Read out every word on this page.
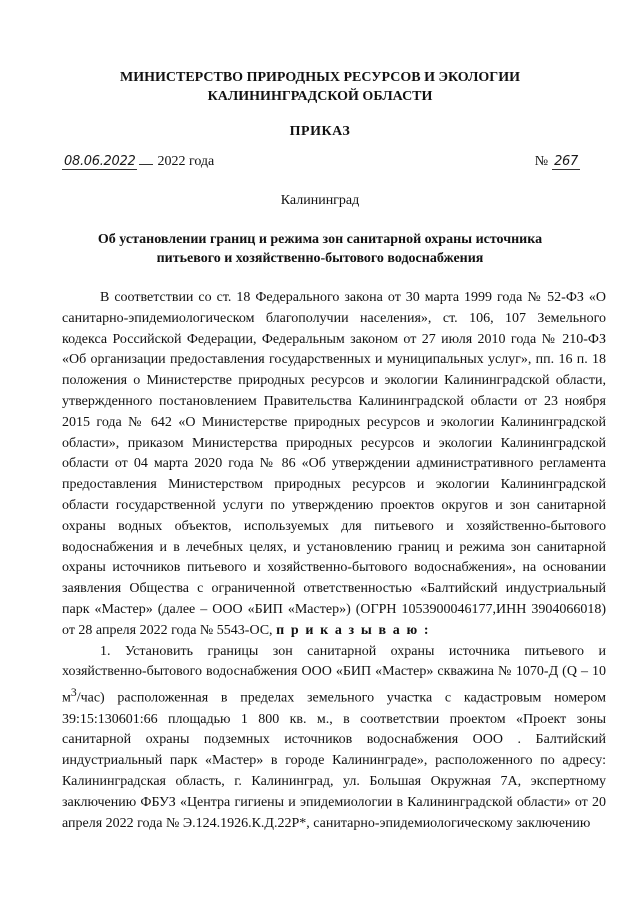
МИНИСТЕРСТВО ПРИРОДНЫХ РЕСУРСОВ И ЭКОЛОГИИ
КАЛИНИНГРАДСКОЙ ОБЛАСТИ
ПРИКАЗ
08.06.2022 2022 года	№ 267
Калининград
Об установлении границ и режима зон санитарной охраны источника
питьевого и хозяйственно-бытового водоснабжения

В соответствии со ст. 18 Федерального закона от 30 марта 1999 года № 52-ФЗ «О санитарно-эпидемиологическом благополучии населения», ст. 106, 107 Земельного кодекса Российской Федерации, Федеральным законом от 27 июля 2010 года № 210-ФЗ «Об организации предоставления государственных и муниципальных услуг», пп. 16 п. 18 положения о Министерстве природных ресурсов и экологии Калининградской области, утвержденного постановлением Правительства Калининградской области от 23 ноября 2015 года № 642 «О Министерстве природных ресурсов и экологии Калининградской области», приказом Министерства природных ресурсов и экологии Калининградской области от 04 марта 2020 года № 86 «Об утверждении административного регламента предоставления Министерством природных ресурсов и экологии Калининградской области государственной услуги по утверждению проектов округов и зон санитарной охраны водных объектов, используемых для питьевого и хозяйственно-бытового водоснабжения и в лечебных целях, и установлению границ и режима зон санитарной охраны источников питьевого и хозяйственно-бытового водоснабжения», на основании заявления Общества с ограниченной ответственностью «Балтийский индустриальный парк «Мастер» (далее – ООО «БИП «Мастер») (ОГРН 1053900046177,ИНН 3904066018) от 28 апреля 2022 года № 5543-ОС, п р и к а з ы в а ю :

1. Установить границы зон санитарной охраны источника питьевого и хозяйственно-бытового водоснабжения ООО «БИП «Мастер» скважина № 1070-Д (Q – 10 $м^3/час$) расположенная в пределах земельного участка с кадастровым номером 39:15:130601:66 площадью 1 800 кв. м., в соответствии проектом «Проект зоны санитарной охраны подземных источников водоснабжения ООО . Балтийский индустриальный парк «Мастер» в городе Калининграде», расположенного по адресу: Калининградская область, г. Калининград, ул. Большая Окружная 7А, экспертному заключению ФБУЗ «Центра гигиены и эпидемиологии в Калининградской области» от 20 апреля 2022 года № Э.124.1926.К.Д.22Р*, санитарно-эпидемиологическому заключению
